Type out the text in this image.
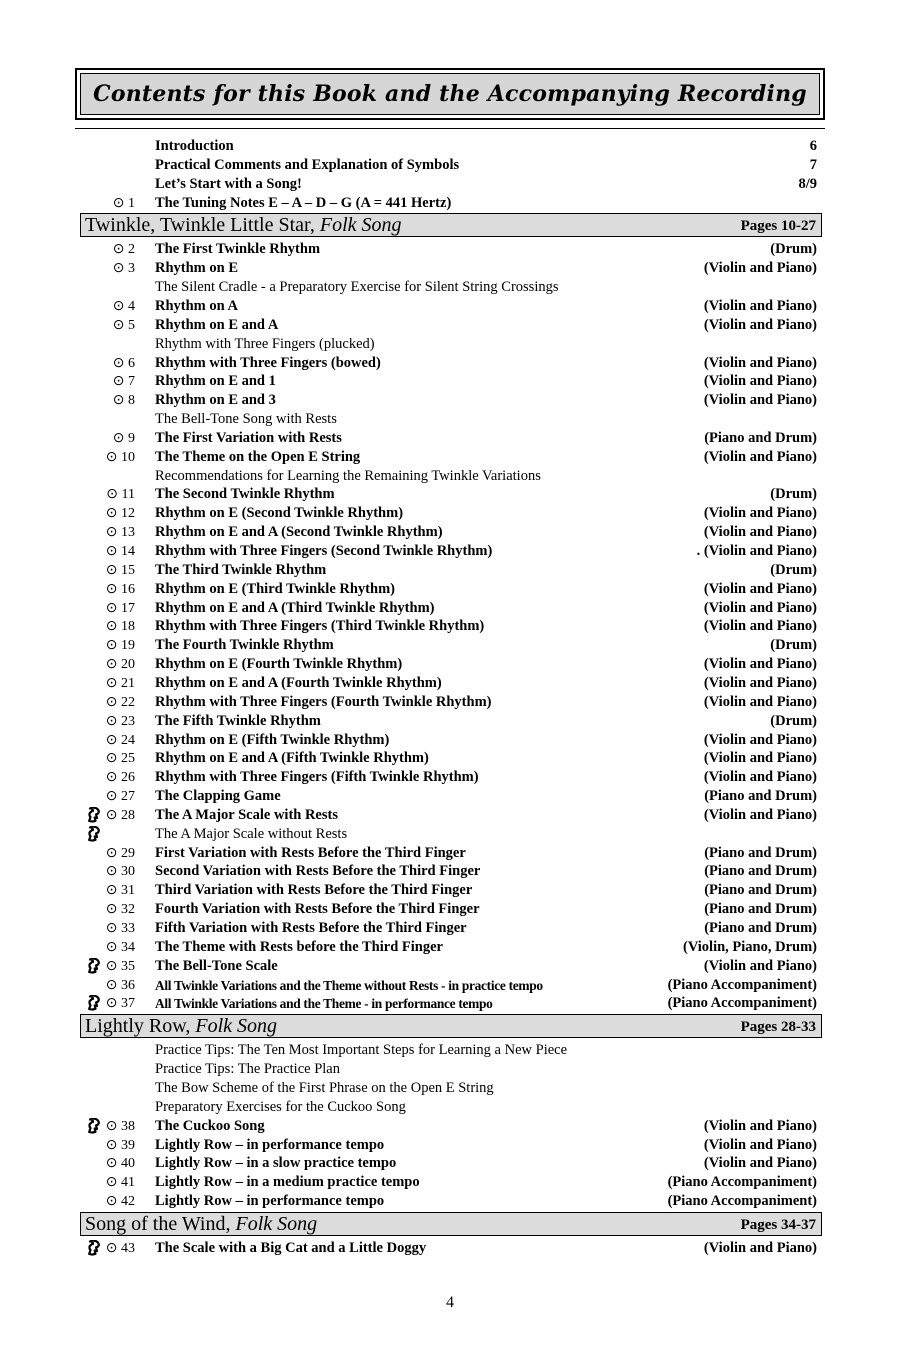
Contents for this Book and the Accompanying Recording
Introduction	6
Practical Comments and Explanation of Symbols	7
Let’s Start with a Song!	8/9
⊙ 1 The Tuning Notes E – A – D – G (A = 441 Hertz)
Twinkle, Twinkle Little Star, Folk Song	Pages 10-27
⊙ 2 The First Twinkle Rhythm	(Drum)
⊙ 3 Rhythm on E	(Violin and Piano)
The Silent Cradle - a Preparatory Exercise for Silent String Crossings
⊙ 4 Rhythm on A	(Violin and Piano)
⊙ 5 Rhythm on E and A	(Violin and Piano)
Rhythm with Three Fingers (plucked)
⊙ 6 Rhythm with Three Fingers (bowed)	(Violin and Piano)
⊙ 7 Rhythm on E and 1	(Violin and Piano)
⊙ 8 Rhythm on E and 3	(Violin and Piano)
The Bell-Tone Song with Rests
⊙ 9 The First Variation with Rests	(Piano and Drum)
⊙ 10 The Theme on the Open E String	(Violin and Piano)
Recommendations for Learning the Remaining Twinkle Variations
⊙ 11 The Second Twinkle Rhythm	(Drum)
⊙ 12 Rhythm on E (Second Twinkle Rhythm)	(Violin and Piano)
⊙ 13 Rhythm on E and A (Second Twinkle Rhythm)	(Violin and Piano)
⊙ 14 Rhythm with Three Fingers (Second Twinkle Rhythm)	. (Violin and Piano)
⊙ 15 The Third Twinkle Rhythm	(Drum)
⊙ 16 Rhythm on E (Third Twinkle Rhythm)	(Violin and Piano)
⊙ 17 Rhythm on E and A (Third Twinkle Rhythm)	(Violin and Piano)
⊙ 18 Rhythm with Three Fingers (Third Twinkle Rhythm)	(Violin and Piano)
⊙ 19 The Fourth Twinkle Rhythm	(Drum)
⊙ 20 Rhythm on E (Fourth Twinkle Rhythm)	(Violin and Piano)
⊙ 21 Rhythm on E and A (Fourth Twinkle Rhythm)	(Violin and Piano)
⊙ 22 Rhythm with Three Fingers (Fourth Twinkle Rhythm)	(Violin and Piano)
⊙ 23 The Fifth Twinkle Rhythm	(Drum)
⊙ 24 Rhythm on E (Fifth Twinkle Rhythm)	(Violin and Piano)
⊙ 25 Rhythm on E and A (Fifth Twinkle Rhythm)	(Violin and Piano)
⊙ 26 Rhythm with Three Fingers (Fifth Twinkle Rhythm)	(Violin and Piano)
⊙ 27 The Clapping Game	(Piano and Drum)
⊙ 28 The A Major Scale with Rests	(Violin and Piano)
The A Major Scale without Rests
⊙ 29 First Variation with Rests Before the Third Finger	(Piano and Drum)
⊙ 30 Second Variation with Rests Before the Third Finger	(Piano and Drum)
⊙ 31 Third Variation with Rests Before the Third Finger	(Piano and Drum)
⊙ 32 Fourth Variation with Rests Before the Third Finger	(Piano and Drum)
⊙ 33 Fifth Variation with Rests Before the Third Finger	(Piano and Drum)
⊙ 34 The Theme with Rests before the Third Finger	(Violin, Piano, Drum)
⊙ 35 The Bell-Tone Scale	(Violin and Piano)
⊙ 36 All Twinkle Variations and the Theme without Rests - in practice tempo	(Piano Accompaniment)
⊙ 37 All Twinkle Variations and the Theme - in performance tempo	(Piano Accompaniment)
Lightly Row, Folk Song	Pages 28-33
Practice Tips: The Ten Most Important Steps for Learning a New Piece
Practice Tips: The Practice Plan
The Bow Scheme of the First Phrase on the Open E String
Preparatory Exercises for the Cuckoo Song
⊙ 38 The Cuckoo Song	(Violin and Piano)
⊙ 39 Lightly Row – in performance tempo	(Violin and Piano)
⊙ 40 Lightly Row – in a slow practice tempo	(Violin and Piano)
⊙ 41 Lightly Row – in a medium practice tempo	(Piano Accompaniment)
⊙ 42 Lightly Row – in performance tempo	(Piano Accompaniment)
Song of the Wind, Folk Song	Pages 34-37
⊙ 43 The Scale with a Big Cat and a Little Doggy	(Violin and Piano)
4
